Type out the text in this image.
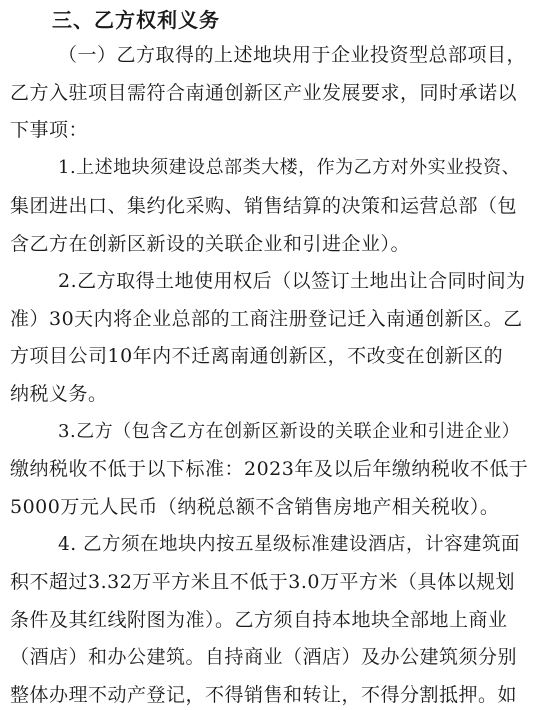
三、乙方权利义务
（一）乙方取得的上述地块用于企业投资型总部项目，
乙方入驻项目需符合南通创新区产业发展要求，同时承诺以
下事项：
1.上述地块须建设总部类大楼，作为乙方对外实业投资、
集团进出口、集约化采购、销售结算的决策和运营总部（包
含乙方在创新区新设的关联企业和引进企业）。
2.乙方取得土地使用权后（以签订土地出让合同时间为
准）30天内将企业总部的工商注册登记迁入南通创新区。乙
方项目公司10年内不迁离南通创新区，不改变在创新区的
纳税义务。
3.乙方（包含乙方在创新区新设的关联企业和引进企业）
缴纳税收不低于以下标准：2023年及以后年缴纳税收不低于
5000万元人民币（纳税总额不含销售房地产相关税收）。
4. 乙方须在地块内按五星级标准建设酒店，计容建筑面
积不超过3.32万平方米且不低于3.0万平方米（具体以规划
条件及其红线附图为准）。乙方须自持本地块全部地上商业
（酒店）和办公建筑。自持商业（酒店）及办公建筑须分别
整体办理不动产登记，不得销售和转让，不得分割抵押。如
